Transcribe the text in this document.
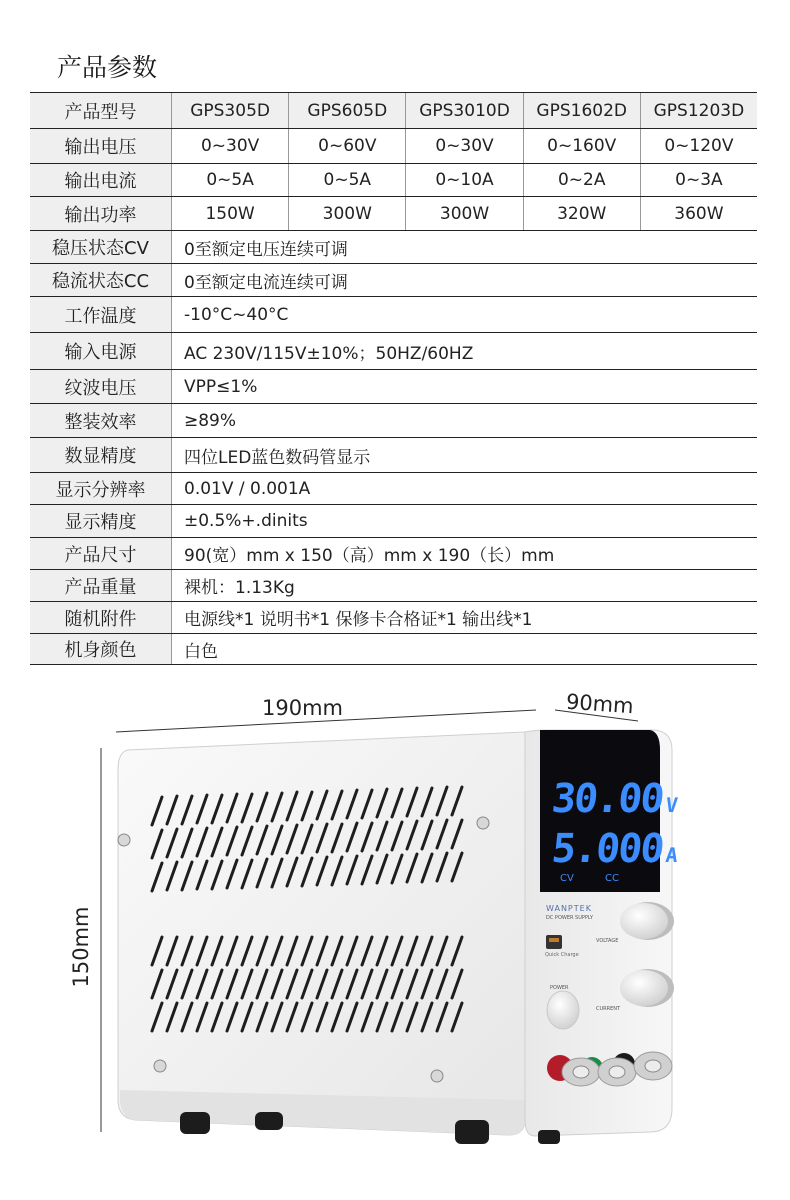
产品参数
产品型号	GPS305D	GPS605D	GPS3010D	GPS1602D	GPS1203D
输出电压	0~30V	0~60V	0~30V	0~160V	0~120V
输出电流	0~5A	0~5A	0~10A	0~2A	0~3A
输出功率	150W	300W	300W	320W	360W
稳压状态CV	0至额定电压连续可调
稳流状态CC	0至额定电流连续可调
工作温度	-10°C~40°C
输入电源	AC 230V/115V±10%；50HZ/60HZ
纹波电压	VPP≤1%
整装效率	≥89%
数显精度	四位LED蓝色数码管显示
显示分辨率	0.01V / 0.001A
显示精度	±0.5%+.dinits
产品尺寸	90(宽）mm x 150（高）mm x 190（长）mm
产品重量	裸机：1.13Kg
随机附件	电源线*1 说明书*1 保修卡合格证*1 输出线*1
机身颜色	白色
190mm	90mm
150mm
30.00V
5.000A
CV	CC
WANPTEK
DC POWER SUPPLY
Quick Charge
VOLTAGE
CURRENT
POWER
